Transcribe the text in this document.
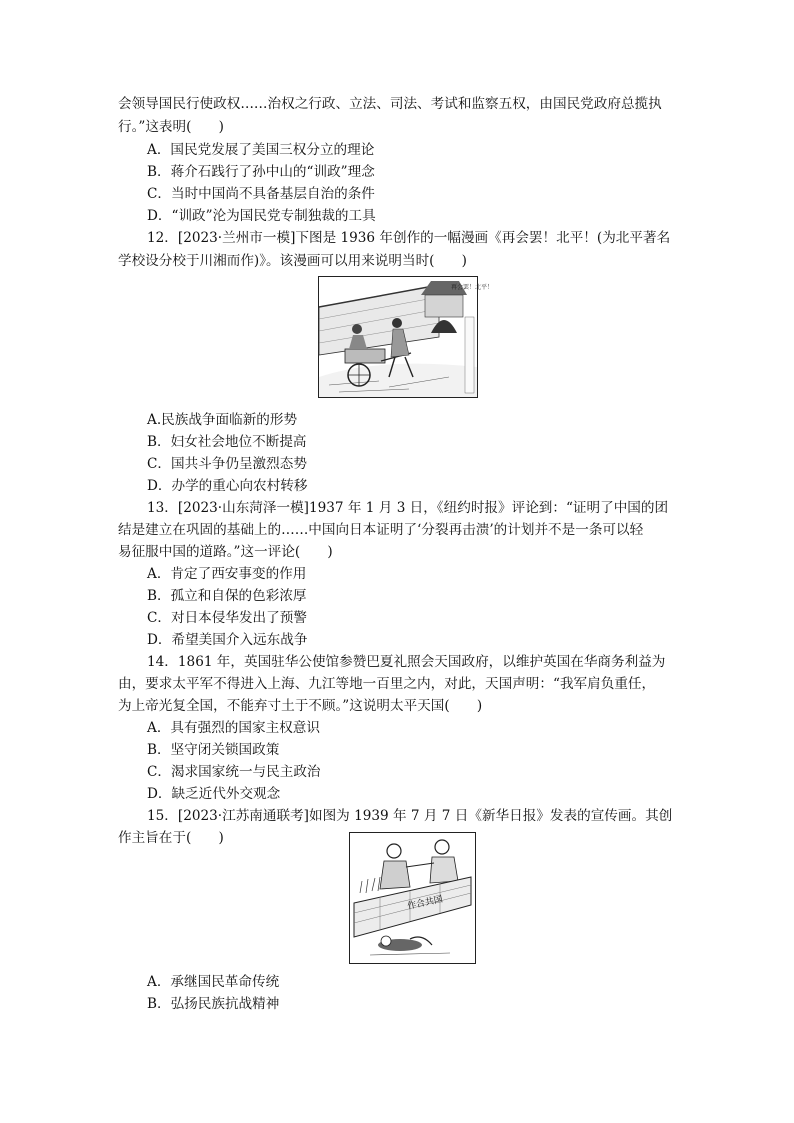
会领导国民行使政权……治权之行政、立法、司法、考试和监察五权，由国民党政府总揽执
行。”这表明(　　)
A．国民党发展了美国三权分立的理论
B．蒋介石践行了孙中山的“训政”理念
C．当时中国尚不具备基层自治的条件
D．“训政”沦为国民党专制独裁的工具
12．[2023·兰州市一模]下图是 1936 年创作的一幅漫画《再会罢！北平！(为北平著名
学校设分校于川湘而作)》。该漫画可以用来说明当时(　　)
再会罢！北平！
A.民族战争面临新的形势
B．妇女社会地位不断提高
C．国共斗争仍呈激烈态势
D．办学的重心向农村转移
13．[2023·山东菏泽一模]1937 年 1 月 3 日，《纽约时报》评论到：“证明了中国的团
结是建立在巩固的基础上的……中国向日本证明了‘分裂再击溃’的计划并不是一条可以轻
易征服中国的道路。”这一评论(　　)
A．肯定了西安事变的作用
B．孤立和自保的色彩浓厚
C．对日本侵华发出了预警
D．希望美国介入远东战争
14．1861 年，英国驻华公使馆参赞巴夏礼照会天国政府，以维护英国在华商务利益为
由，要求太平军不得进入上海、九江等地一百里之内，对此，天国声明：“我军肩负重任，
为上帝光复全国，不能弃寸土于不顾。”这说明太平天国(　　)
A．具有强烈的国家主权意识
B．坚守闭关锁国政策
C．渴求国家统一与民主政治
D．缺乏近代外交观念
15．[2023·江苏南通联考]如图为 1939 年 7 月 7 日《新华日报》发表的宣传画。其创
作主旨在于(　　)
作合共国
A．承继国民革命传统
B．弘扬民族抗战精神
